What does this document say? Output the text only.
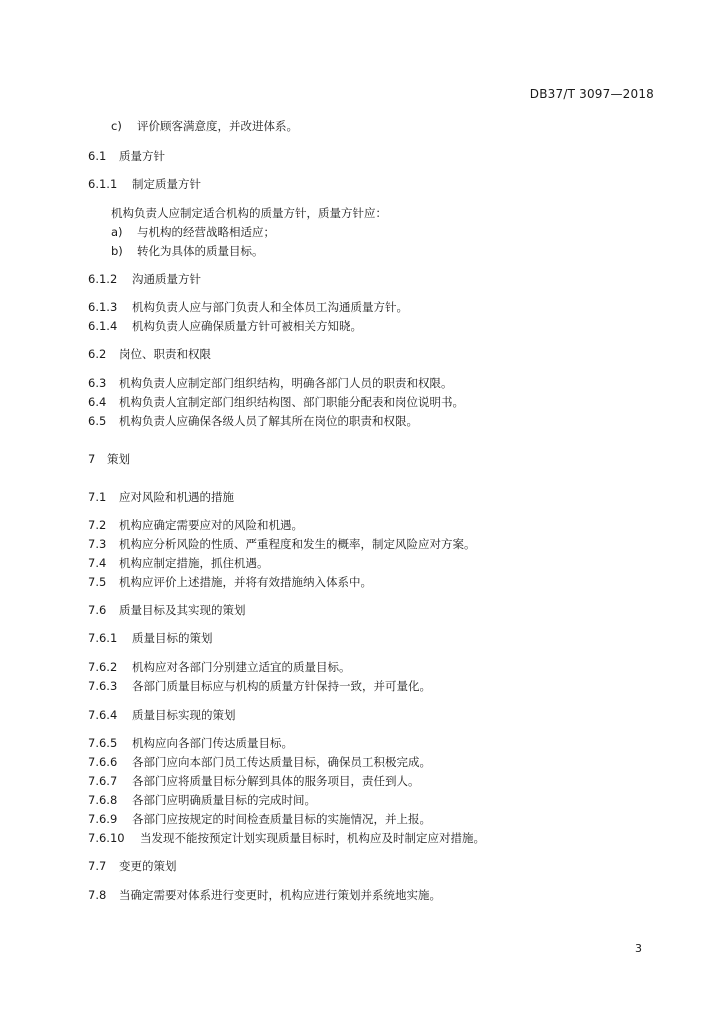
DB37/T 3097—2018
c) 评价顾客满意度，并改进体系。
6.1 质量方针
6.1.1 制定质量方针
机构负责人应制定适合机构的质量方针，质量方针应：
a) 与机构的经营战略相适应；
b) 转化为具体的质量目标。
6.1.2 沟通质量方针
6.1.3 机构负责人应与部门负责人和全体员工沟通质量方针。
6.1.4 机构负责人应确保质量方针可被相关方知晓。
6.2 岗位、职责和权限
6.3 机构负责人应制定部门组织结构，明确各部门人员的职责和权限。
6.4 机构负责人宜制定部门组织结构图、部门职能分配表和岗位说明书。
6.5 机构负责人应确保各级人员了解其所在岗位的职责和权限。
7 策划
7.1 应对风险和机遇的措施
7.2 机构应确定需要应对的风险和机遇。
7.3 机构应分析风险的性质、严重程度和发生的概率，制定风险应对方案。
7.4 机构应制定措施，抓住机遇。
7.5 机构应评价上述措施，并将有效措施纳入体系中。
7.6 质量目标及其实现的策划
7.6.1 质量目标的策划
7.6.2 机构应对各部门分别建立适宜的质量目标。
7.6.3 各部门质量目标应与机构的质量方针保持一致，并可量化。
7.6.4 质量目标实现的策划
7.6.5 机构应向各部门传达质量目标。
7.6.6 各部门应向本部门员工传达质量目标，确保员工积极完成。
7.6.7 各部门应将质量目标分解到具体的服务项目，责任到人。
7.6.8 各部门应明确质量目标的完成时间。
7.6.9 各部门应按规定的时间检查质量目标的实施情况，并上报。
7.6.10 当发现不能按预定计划实现质量目标时，机构应及时制定应对措施。
7.7 变更的策划
7.8 当确定需要对体系进行变更时，机构应进行策划并系统地实施。
3
